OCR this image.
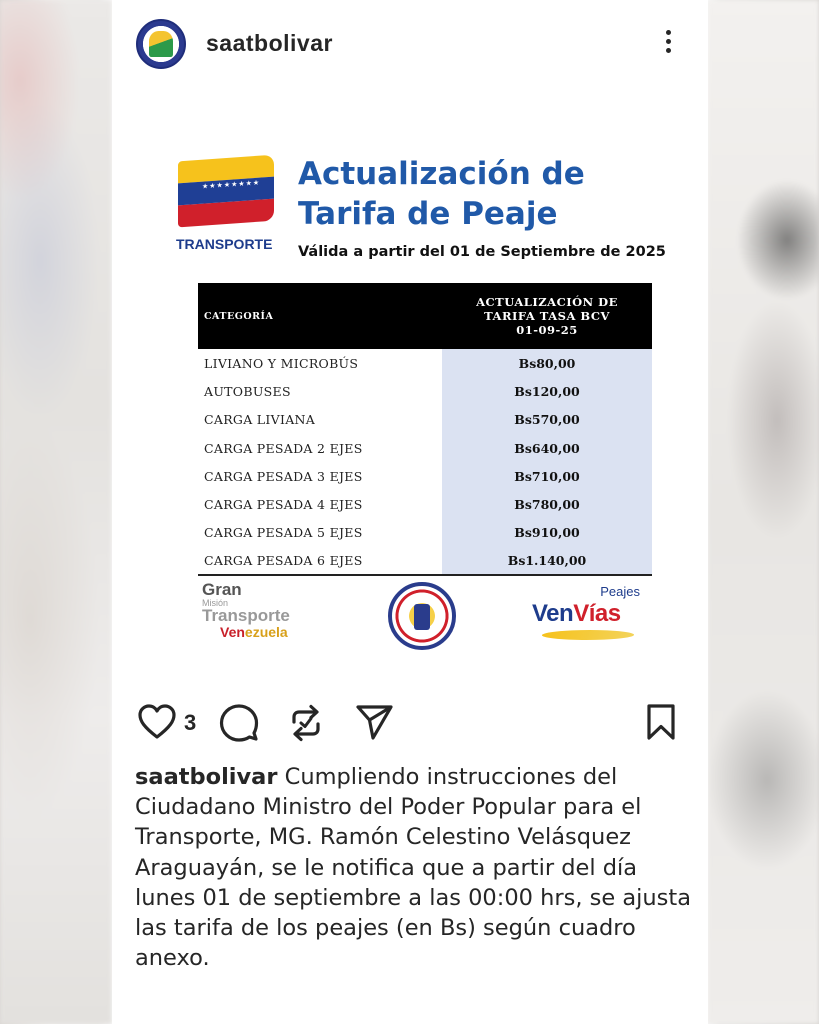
saatbolivar
★★★★★★★★
TRANSPORTE
Actualización de
Tarifa de Peaje
Válida a partir del 01 de Septiembre de 2025
CATEGORÍA	ACTUALIZACIÓN DE
TARIFA TASA BCV
01-09-25

LIVIANO Y MICROBÚS	Bs80,00
AUTOBUSES	Bs120,00
CARGA LIVIANA	Bs570,00
CARGA PESADA 2 EJES	Bs640,00
CARGA PESADA 3 EJES	Bs710,00
CARGA PESADA 4 EJES	Bs780,00
CARGA PESADA 5 EJES	Bs910,00
CARGA PESADA 6 EJES	Bs1.140,00
Gran
Misión
Transporte
Venezuela
Peajes
VenVías
3
saatbolivar Cumpliendo instrucciones del Ciudadano Ministro del Poder Popular para el Transporte, MG. Ramón Celestino Velásquez Araguayán, se le notifica que a partir del día lunes 01 de septiembre a las 00:00 hrs, se ajusta las tarifa de los peajes (en Bs) según cuadro anexo.
